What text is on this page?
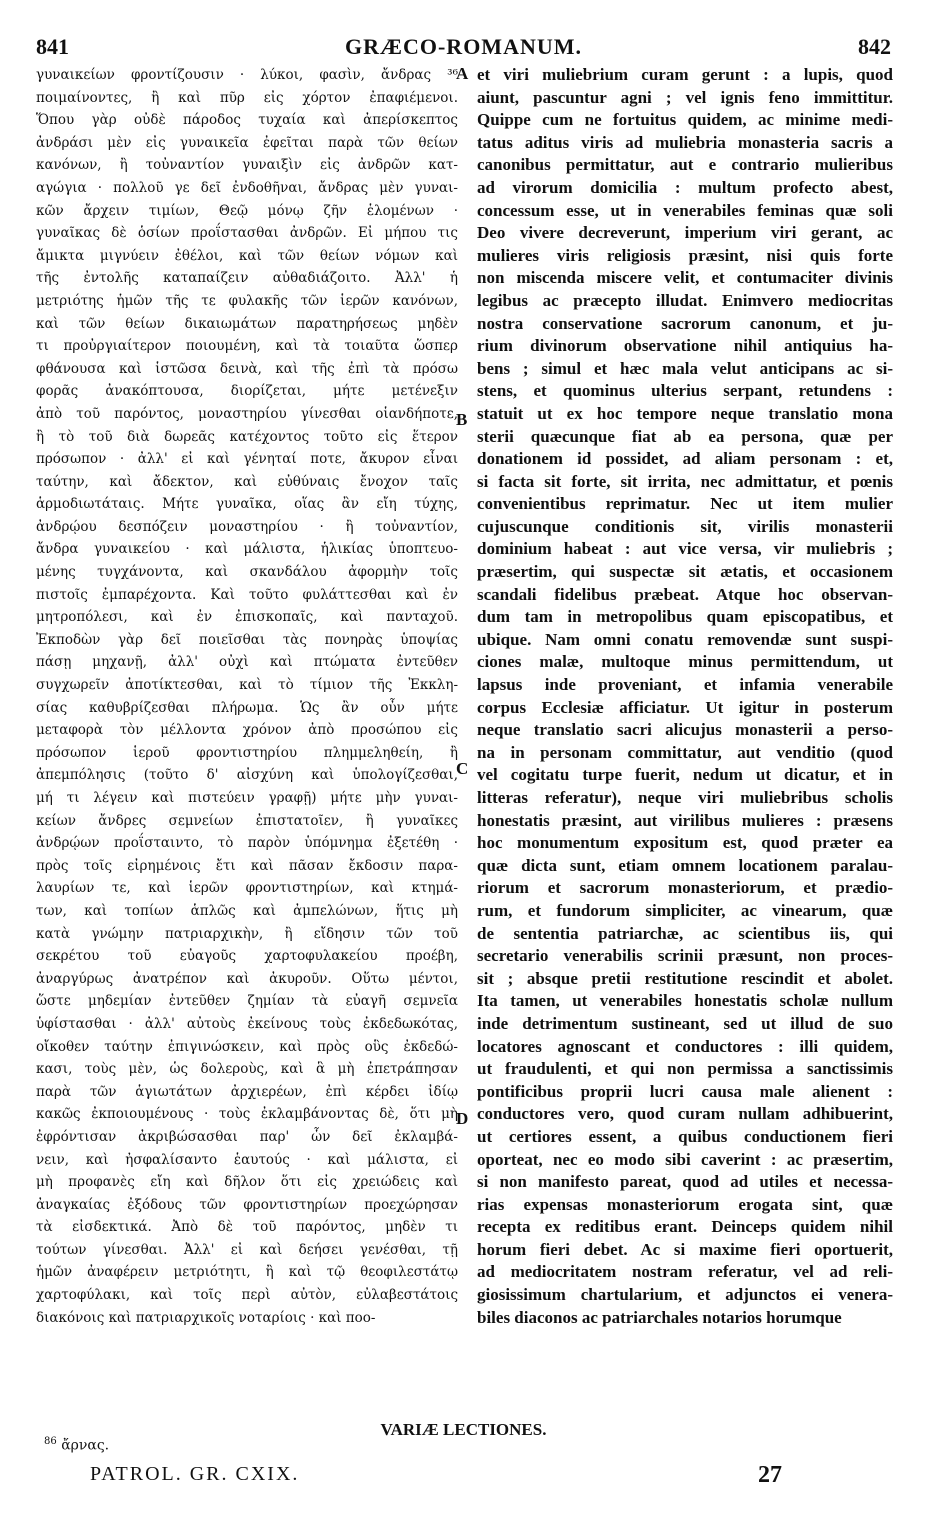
841	GRÆCO-ROMANUM.	842
γυναικείων φροντίζουσιν · λύκοι, φασὶν, ἄνδρας ³⁶
ποιμαίνοντες, ἢ καὶ πῦρ εἰς χόρτον ἐπαφιέμενοι.
Ὅπου γὰρ οὐδὲ πάροδος τυχαία καὶ ἀπερίσκεπτος
ἀνδράσι μὲν εἰς γυναικεῖα ἐφεῖται παρὰ τῶν θείων
κανόνων, ἢ τοὐναντίον γυναιξὶν εἰς ἀνδρῶν κατ-
αγώγια · πολλοῦ γε δεῖ ἐνδοθῆναι, ἄνδρας μὲν γυναι-
κῶν ἄρχειν τιμίων, Θεῷ μόνῳ ζῆν ἑλομένων ·
γυναῖκας δὲ ὁσίων προΐστασθαι ἀνδρῶν. Εἰ μήπου τις
ἄμικτα μιγνύειν ἐθέλοι, καὶ τῶν θείων νόμων καὶ
τῆς ἐντολῆς καταπαίζειν αὐθαδιάζοιτο. Ἀλλ' ἡ
μετριότης ἡμῶν τῆς τε φυλακῆς τῶν ἱερῶν κανόνων,
καὶ τῶν θείων δικαιωμάτων παρατηρήσεως μηδὲν
τι προὐργιαίτερον ποιουμένη, καὶ τὰ τοιαῦτα ὥσπερ
φθάνουσα καὶ ἱστῶσα δεινὰ, καὶ τῆς ἐπὶ τὰ πρόσω
φορᾶς ἀνακόπτουσα, διορίζεται, μήτε μετένεξιν
ἀπὸ τοῦ παρόντος, μοναστηρίου γίνεσθαι οἱανδήποτε,
ἢ τὸ τοῦ διὰ δωρεᾶς κατέχοντος τοῦτο εἰς ἕτερον
πρόσωπον · ἀλλ' εἰ καὶ γένηταί ποτε, ἄκυρον εἶναι
ταύτην, καὶ ἄδεκτον, καὶ εὐθύναις ἔνοχον ταῖς
ἁρμοδιωτάταις. Μήτε γυναῖκα, οἵας ἂν εἴη τύχης,
ἀνδρῴου δεσπόζειν μοναστηρίου · ἢ τοὐναντίον,
ἄνδρα γυναικείου · καὶ μάλιστα, ἡλικίας ὑποπτευο-
μένης τυγχάνοντα, καὶ σκανδάλου ἀφορμὴν τοῖς
πιστοῖς ἐμπαρέχοντα. Καὶ τοῦτο φυλάττεσθαι καὶ ἐν
μητροπόλεσι, καὶ ἐν ἐπισκοπαῖς, καὶ πανταχοῦ.
Ἐκποδὼν γὰρ δεῖ ποιεῖσθαι τὰς πονηρὰς ὑποψίας
πάσῃ μηχανῇ, ἀλλ' οὐχὶ καὶ πτώματα ἐντεῦθεν
συγχωρεῖν ἀποτίκτεσθαι, καὶ τὸ τίμιον τῆς Ἐκκλη-
σίας καθυβρίζεσθαι πλήρωμα. Ὡς ἂν οὖν μήτε
μεταφορὰ τὸν μέλλοντα χρόνον ἀπὸ προσώπου εἰς
πρόσωπον ἱεροῦ φροντιστηρίου πλημμεληθείη, ἢ
ἀπεμπόλησις (τοῦτο δ' αἰσχύνη καὶ ὑπολογίζεσθαι,
μή τι λέγειν καὶ πιστεύειν γραφῇ) μήτε μὴν γυναι-
κείων ἄνδρες σεμνείων ἐπιστατοῖεν, ἢ γυναῖκες
ἀνδρῴων προΐσταιντο, τὸ παρὸν ὑπόμνημα ἐξετέθη ·
πρὸς τοῖς εἰρημένοις ἔτι καὶ πᾶσαν ἔκδοσιν παρα-
λαυρίων τε, καὶ ἱερῶν φροντιστηρίων, καὶ κτημά-
των, καὶ τοπίων ἁπλῶς καὶ ἀμπελώνων, ἥτις μὴ
κατὰ γνώμην πατριαρχικὴν, ἢ εἴδησιν τῶν τοῦ
σεκρέτου τοῦ εὐαγοῦς χαρτοφυλακείου προέβη,
ἀναργύρως ἀνατρέπον καὶ ἀκυροῦν. Οὕτω μέντοι,
ὥστε μηδεμίαν ἐντεῦθεν ζημίαν τὰ εὐαγῆ σεμνεῖα
ὑφίστασθαι · ἀλλ' αὐτοὺς ἐκείνους τοὺς ἐκδεδωκότας,
οἴκοθεν ταύτην ἐπιγινώσκειν, καὶ πρὸς οὓς ἐκδεδώ-
κασι, τοὺς μὲν, ὡς δολεροὺς, καὶ ἃ μὴ ἐπετράπησαν
παρὰ τῶν ἁγιωτάτων ἀρχιερέων, ἐπὶ κέρδει ἰδίῳ
κακῶς ἐκποιουμένους · τοὺς ἐκλαμβάνοντας δὲ, ὅτι μὴ
ἐφρόντισαν ἀκριβώσασθαι παρ' ὧν δεῖ ἐκλαμβά-
νειν, καὶ ἠσφαλίσαντο ἑαυτούς · καὶ μάλιστα, εἰ
μὴ προφανὲς εἴη καὶ δῆλον ὅτι εἰς χρειώδεις καὶ
ἀναγκαίας ἐξόδους τῶν φροντιστηρίων προεχώρησαν
τὰ εἰσδεκτικά. Ἀπὸ δὲ τοῦ παρόντος, μηδὲν τι
τούτων γίνεσθαι. Ἀλλ' εἰ καὶ δεήσει γενέσθαι, τῇ
ἡμῶν ἀναφέρειν μετριότητι, ἢ καὶ τῷ θεοφιλεστάτῳ
χαρτοφύλακι, καὶ τοῖς περὶ αὐτὸν, εὐλαβεστάτοις
διακόνοις καὶ πατριαρχικοῖς νοταρίοις · καὶ ποο-
et viri muliebrium curam gerunt : a lupis, quod
aiunt, pascuntur agni ; vel ignis feno immittitur.
Quippe cum ne fortuitus quidem, ac minime medi-
tatus aditus viris ad muliebria monasteria sacris a
canonibus permittatur, aut e contrario mulieribus
ad virorum domicilia : multum profecto abest,
concessum esse, ut in venerabiles feminas quæ soli
Deo vivere decreverunt, imperium viri gerant, ac
mulieres viris religiosis præsint, nisi quis forte
non miscenda miscere velit, et contumaciter divinis
legibus ac præcepto illudat. Enimvero mediocritas
nostra conservatione sacrorum canonum, et ju-
rium divinorum observatione nihil antiquius ha-
bens ; simul et hæc mala velut anticipans ac si-
stens, et quominus ulterius serpant, retundens :
statuit ut ex hoc tempore neque translatio mona
sterii quæcunque fiat ab ea persona, quæ per
donationem id possidet, ad aliam personam : et,
si facta sit forte, sit irrita, nec admittatur, et pœnis
convenientibus reprimatur. Nec ut item mulier
cujuscunque conditionis sit, virilis monasterii
dominium habeat : aut vice versa, vir muliebris ;
præsertim, qui suspectæ sit ætatis, et occasionem
scandali fidelibus præbeat. Atque hoc observan-
dum tam in metropolibus quam episcopatibus, et
ubique. Nam omni conatu removendæ sunt suspi-
ciones malæ, multoque minus permittendum, ut
lapsus inde proveniant, et infamia venerabile
corpus Ecclesiæ afficiatur. Ut igitur in posterum
neque translatio sacri alicujus monasterii a perso-
na in personam committatur, aut venditio (quod
vel cogitatu turpe fuerit, nedum ut dicatur, et in
litteras referatur), neque viri muliebribus scholis
honestatis præsint, aut virilibus mulieres : præsens
hoc monumentum expositum est, quod præter ea
quæ dicta sunt, etiam omnem locationem paralau-
riorum et sacrorum monasteriorum, et prædio-
rum, et fundorum simpliciter, ac vinearum, quæ
de sententia patriarchæ, ac scientibus iis, qui
secretario venerabilis scrinii præsunt, non proces-
sit ; absque pretii restitutione rescindit et abolet.
Ita tamen, ut venerabiles honestatis scholæ nullum
inde detrimentum sustineant, sed ut illud de suo
locatores agnoscant et conductores : illi quidem,
ut fraudulenti, et qui non permissa a sanctissimis
pontificibus proprii lucri causa male alienent :
conductores vero, quod curam nullam adhibuerint,
ut certiores essent, a quibus conductionem fieri
oporteat, nec eo modo sibi caverint : ac præsertim,
si non manifesto pareat, quod ad utiles et necessa-
rias expensas monasteriorum erogata sint, quæ
recepta ex reditibus erant. Deinceps quidem nihil
horum fieri debet. Ac si maxime fieri oportuerit,
ad mediocritatem nostram referatur, vel ad reli-
giosissimum chartularium, et adjunctos ei venera-
biles diaconos ac patriarchales notarios horumque
A
B
C
D
VARIÆ LECTIONES.
$^{86}$ ἄρνας.
PATROL. GR. CXIX.	27
